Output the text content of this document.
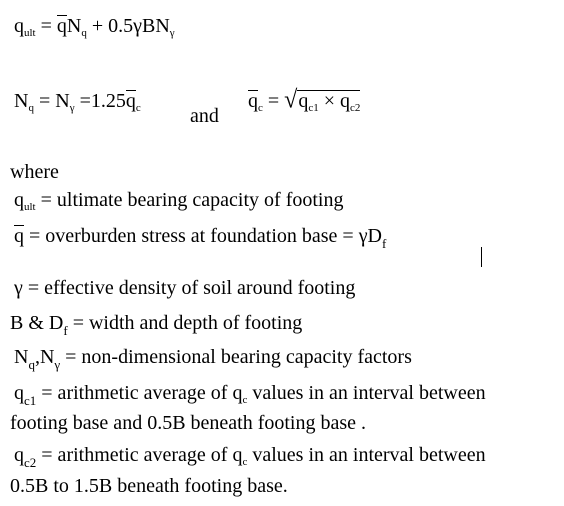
$q_{ult} = qN_q + 0.5\gamma BN_\gamma$
$N_q = N_\gamma =1.25q_c$ and
$q_c = √q_{c1} \times q_{c2}$
where
$q_{ult}$ = ultimate bearing capacity of footing
q = overburden stress at foundation base = $\gamma D_f$
γ = effective density of soil around footing
B & $D_f$ = width and depth of footing
$N_q,N_\gamma$ = non-dimensional bearing capacity factors
$q_{c1}$ = arithmetic average of $q_c$ values in an interval between
footing base and 0.5B beneath footing base .
$q_{c2}$ = arithmetic average of $q_c$ values in an interval between
0.5B to 1.5B beneath footing base.
